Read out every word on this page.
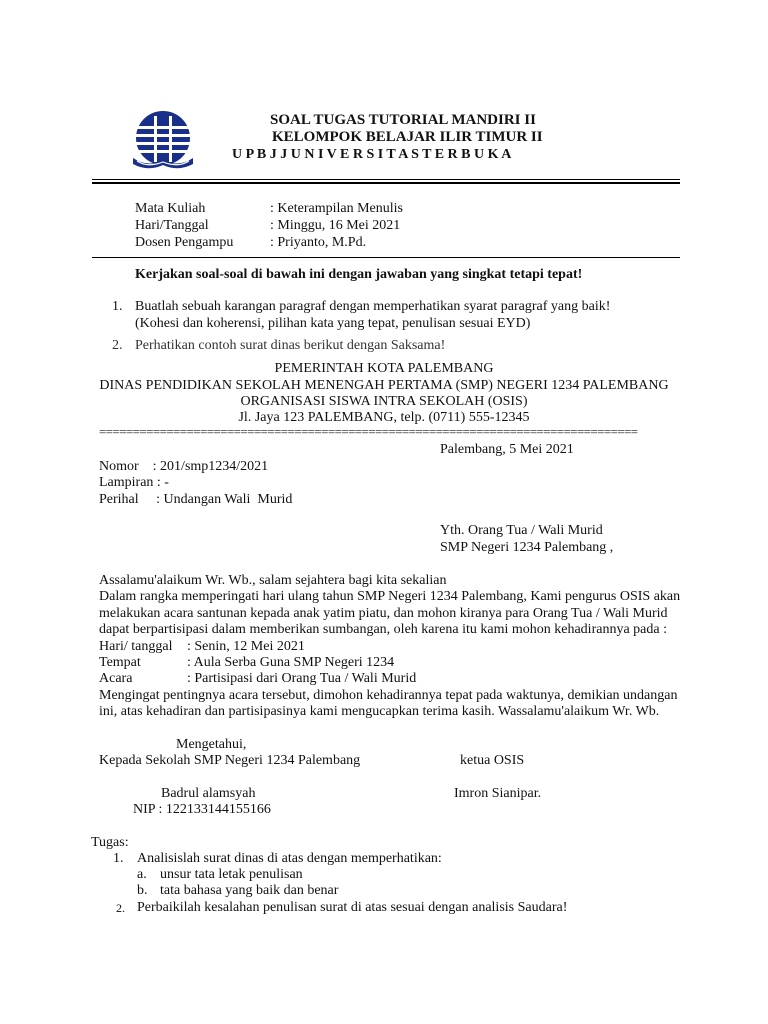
SOAL TUGAS TUTORIAL MANDIRI II
KELOMPOK BELAJAR ILIR TIMUR II
U P B J J U N I V E R S I T A S T E R B U K A
Mata Kuliah	: Keterampilan Menulis
Hari/Tanggal	: Minggu, 16 Mei 2021
Dosen Pengampu	: Priyanto, M.Pd.
Kerjakan soal-soal di bawah ini dengan jawaban yang singkat tetapi tepat!
1. Buatlah sebuah karangan paragraf dengan memperhatikan syarat paragraf yang baik!
(Kohesi dan koherensi, pilihan kata yang tepat, penulisan sesuai EYD)
2. Perhatikan contoh surat dinas berikut dengan Saksama!
PEMERINTAH KOTA PALEMBANG
DINAS PENDIDIKAN SEKOLAH MENENGAH PERTAMA (SMP) NEGERI 1234 PALEMBANG
ORGANISASI SISWA INTRA SEKOLAH (OSIS)
Jl. Jaya 123 PALEMBANG, telp. (0711) 555-12345
================================================================================
Palembang, 5 Mei 2021
Nomor    : 201/smp1234/2021
Lampiran : -
Perihal     : Undangan Wali  Murid
Yth. Orang Tua / Wali Murid
SMP Negeri 1234 Palembang ,
Assalamu'alaikum Wr. Wb., salam sejahtera bagi kita sekalian
Dalam rangka memperingati hari ulang tahun SMP Negeri 1234 Palembang, Kami pengurus OSIS akan
melakukan acara santunan kepada anak yatim piatu, dan mohon kiranya para Orang Tua / Wali Murid
dapat berpartisipasi dalam memberikan sumbangan, oleh karena itu kami mohon kehadirannya pada :
Hari/ tanggal : Senin, 12 Mei 2021
Tempat	: Aula Serba Guna SMP Negeri 1234
Acara	: Partisipasi dari Orang Tua / Wali Murid
Mengingat pentingnya acara tersebut, dimohon kehadirannya tepat pada waktunya, demikian undangan
ini, atas kehadiran dan partisipasinya kami mengucapkan terima kasih. Wassalamu'alaikum Wr. Wb.
Mengetahui,
Kepada Sekolah SMP Negeri 1234 Palembang	ketua OSIS
Badrul alamsyah	Imron Sianipar.
NIP : 122133144155166
Tugas:
1. Analisislah surat dinas di atas dengan memperhatikan:
a. unsur tata letak penulisan
b. tata bahasa yang baik dan benar
2. Perbaikilah kesalahan penulisan surat di atas sesuai dengan analisis Saudara!
